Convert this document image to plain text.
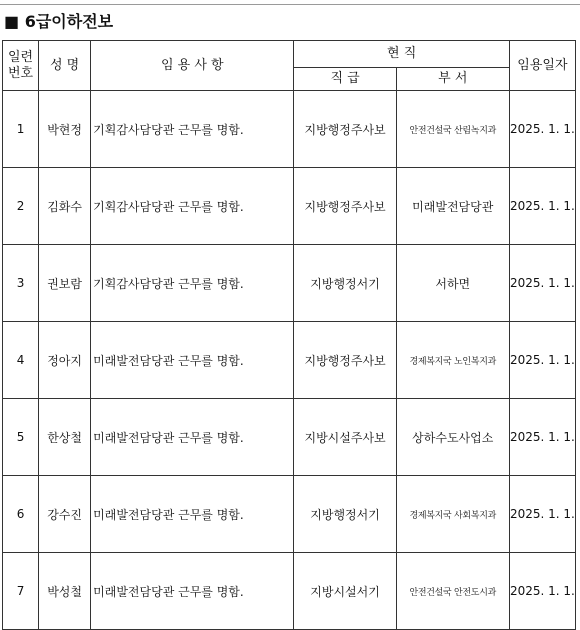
■ 6급이하전보
일련
번호	성 명	임 용 사 항	현 직		임용일자
			직 급	부 서	
1	박현정	기획감사담당관 근무를 명함.	지방행정주사보	안전건설국 산림녹지과	2025. 1. 1.
2	김화수	기획감사담당관 근무를 명함.	지방행정주사보	미래발전담당관	2025. 1. 1.
3	권보람	기획감사담당관 근무를 명함.	지방행정서기	서하면	2025. 1. 1.
4	정아지	미래발전담당관 근무를 명함.	지방행정주사보	경제복지국 노인복지과	2025. 1. 1.
5	한상철	미래발전담당관 근무를 명함.	지방시설주사보	상하수도사업소	2025. 1. 1.
6	강수진	미래발전담당관 근무를 명함.	지방행정서기	경제복지국 사회복지과	2025. 1. 1.
7	박성철	미래발전담당관 근무를 명함.	지방시설서기	안전건설국 안전도시과	2025. 1. 1.
